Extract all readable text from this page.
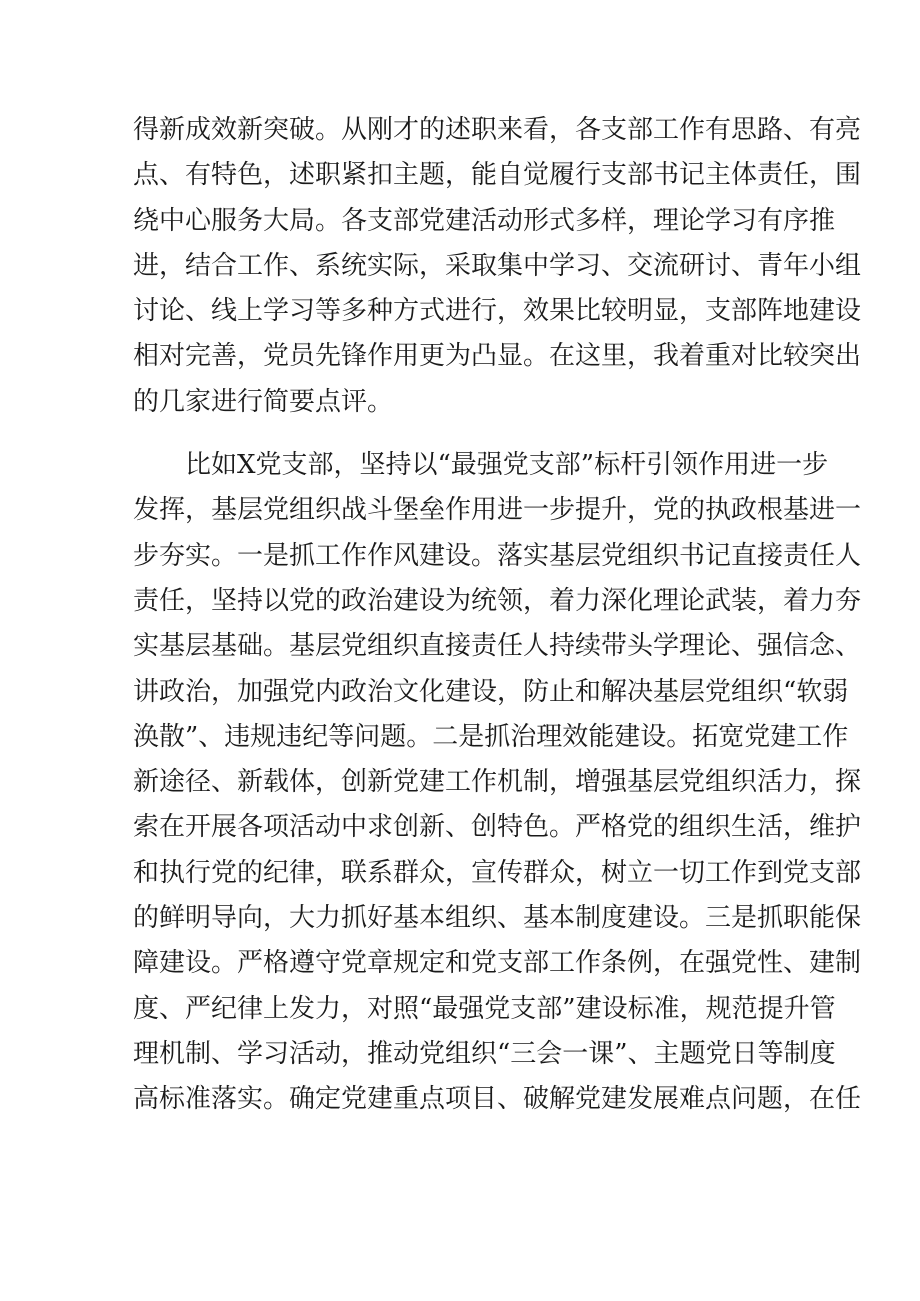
得新成效新突破。从刚才的述职来看，各支部工作有思路、有亮
点、有特色，述职紧扣主题，能自觉履行支部书记主体责任，围
绕中心服务大局。各支部党建活动形式多样，理论学习有序推
进，结合工作、系统实际，采取集中学习、交流研讨、青年小组
讨论、线上学习等多种方式进行，效果比较明显，支部阵地建设
相对完善，党员先锋作用更为凸显。在这里，我着重对比较突出
的几家进行简要点评。
比如X党支部，坚持以“最强党支部”标杆引领作用进一步
发挥，基层党组织战斗堡垒作用进一步提升，党的执政根基进一
步夯实。一是抓工作作风建设。落实基层党组织书记直接责任人
责任，坚持以党的政治建设为统领，着力深化理论武装，着力夯
实基层基础。基层党组织直接责任人持续带头学理论、强信念、
讲政治，加强党内政治文化建设，防止和解决基层党组织“软弱
涣散”、违规违纪等问题。二是抓治理效能建设。拓宽党建工作
新途径、新载体，创新党建工作机制，增强基层党组织活力，探
索在开展各项活动中求创新、创特色。严格党的组织生活，维护
和执行党的纪律，联系群众，宣传群众，树立一切工作到党支部
的鲜明导向，大力抓好基本组织、基本制度建设。三是抓职能保
障建设。严格遵守党章规定和党支部工作条例，在强党性、建制
度、严纪律上发力，对照“最强党支部”建设标准，规范提升管
理机制、学习活动，推动党组织“三会一课”、主题党日等制度
高标准落实。确定党建重点项目、破解党建发展难点问题，在任
